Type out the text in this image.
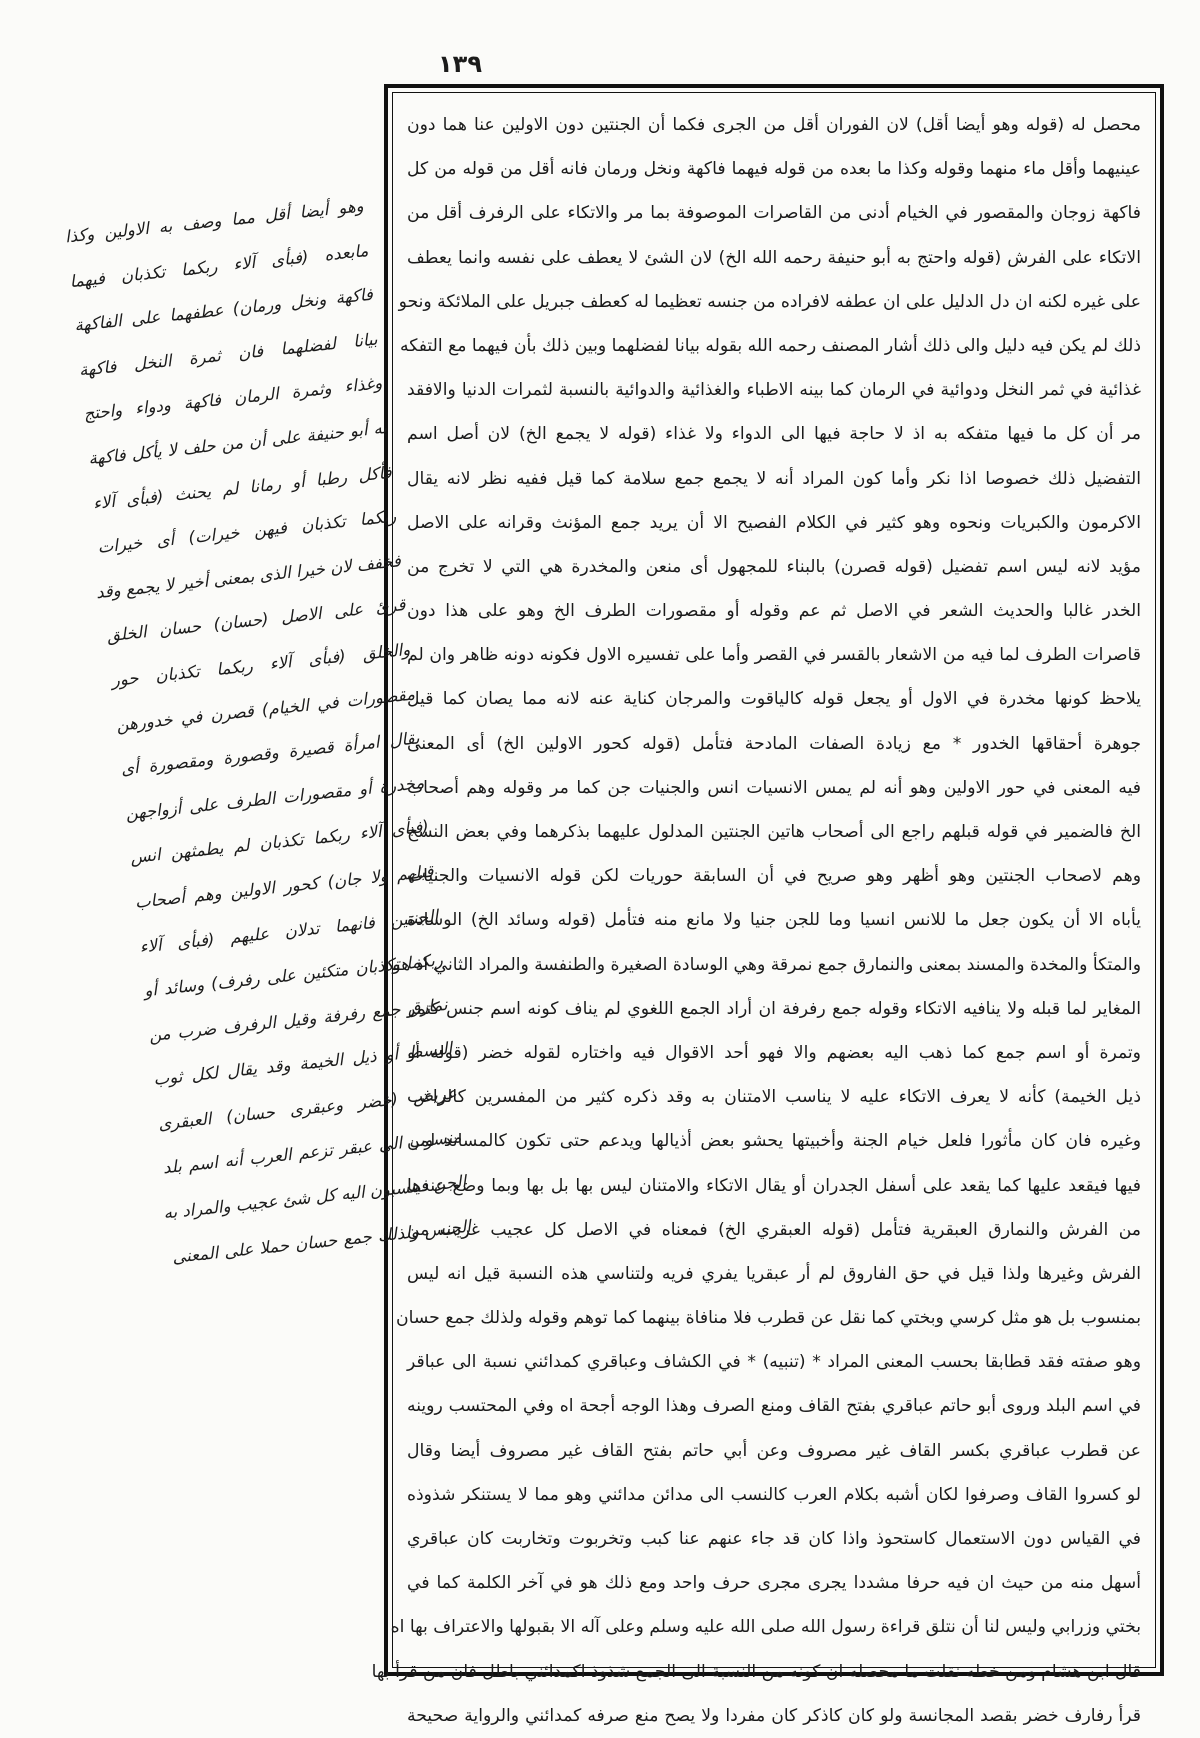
١٣٩
محصل له (قوله وهو أيضا أقل) لان الفوران أقل من الجرى فكما أن الجنتين دون الاولين عنا هما دون
عينيهما وأقل ماء منهما وقوله وكذا ما بعده من قوله فيهما فاكهة ونخل ورمان فانه أقل من قوله من كل
فاكهة زوجان والمقصور في الخيام أدنى من القاصرات الموصوفة بما مر والاتكاء على الرفرف أقل من
الاتكاء على الفرش (قوله واحتج به أبو حنيفة رحمه الله الخ) لان الشئ لا يعطف على نفسه وانما يعطف
على غيره لكنه ان دل الدليل على ان عطفه لافراده من جنسه تعظيما له كعطف جبريل على الملائكة ونحو
ذلك لم يكن فيه دليل والى ذلك أشار المصنف رحمه الله بقوله بيانا لفضلهما وبين ذلك بأن فيهما مع التفكه
غذائية في ثمر النخل ودوائية في الرمان كما بينه الاطباء والغذائية والدوائية بالنسبة لثمرات الدنيا والافقد
مر أن كل ما فيها متفكه به اذ لا حاجة فيها الى الدواء ولا غذاء (قوله لا يجمع الخ) لان أصل اسم
التفضيل ذلك خصوصا اذا نكر وأما كون المراد أنه لا يجمع جمع سلامة كما قيل ففيه نظر لانه يقال
الاكرمون والكبريات ونحوه وهو كثير في الكلام الفصيح الا أن يريد جمع المؤنث وقرانه على الاصل
مؤيد لانه ليس اسم تفضيل (قوله قصرن) بالبناء للمجهول أى منعن والمخدرة هي التي لا تخرج من
الخدر غالبا والحديث الشعر في الاصل ثم عم وقوله أو مقصورات الطرف الخ وهو على هذا دون
قاصرات الطرف لما فيه من الاشعار بالقسر في القصر وأما على تفسيره الاول فكونه دونه ظاهر وان لم
يلاحظ كونها مخدرة في الاول أو يجعل قوله كالياقوت والمرجان كناية عنه لانه مما يصان كما قيل
جوهرة أحقاقها الخدور * مع زيادة الصفات المادحة فتأمل (قوله كحور الاولين الخ) أى المعنى
فيه المعنى في حور الاولين وهو أنه لم يمس الانسيات انس والجنيات جن كما مر وقوله وهم أصحاب
الخ فالضمير في قوله قبلهم راجع الى أصحاب هاتين الجنتين المدلول عليهما بذكرهما وفي بعض النسخ
وهم لاصحاب الجنتين وهو أظهر وهو صريح في أن السابقة حوريات لكن قوله الانسيات والجنيات
يأباه الا أن يكون جعل ما للانس انسيا وما للجن جنيا ولا مانع منه فتأمل (قوله وسائد الخ) الوسادة
والمتكأ والمخدة والمسند بمعنى والنمارق جمع نمرقة وهي الوسادة الصغيرة والطنفسة والمراد الثاني اذ هو
المغاير لما قبله ولا ينافيه الاتكاء وقوله جمع رفرفة ان أراد الجمع اللغوي لم يناف كونه اسم جنس كتمر
وتمرة أو اسم جمع كما ذهب اليه بعضهم والا فهو أحد الاقوال فيه واختاره لقوله خضر (قوله أو
ذيل الخيمة) كأنه لا يعرف الاتكاء عليه لا يناسب الامتنان به وقد ذكره كثير من المفسرين كالراغب
وغيره فان كان مأثورا فلعل خيام الجنة وأخبيتها يحشو بعض أذيالها ويدعم حتى تكون كالمساند لمن
فيها فيقعد عليها كما يقعد على أسفل الجدران أو يقال الاتكاء والامتنان ليس بها بل بها وبما وضع عندها
من الفرش والنمارق العبقرية فتأمل (قوله العبقري الخ) فمعناه في الاصل كل عجيب غريب من
الفرش وغيرها ولذا قيل في حق الفاروق لم أر عبقريا يفري فريه ولتناسي هذه النسبة قيل انه ليس
بمنسوب بل هو مثل كرسي وبختي كما نقل عن قطرب فلا منافاة بينهما كما توهم وقوله ولذلك جمع حسان
وهو صفته فقد قطابقا بحسب المعنى المراد * (تنبيه) * في الكشاف وعباقري كمدائني نسبة الى عباقر
في اسم البلد وروى أبو حاتم عباقري بفتح القاف ومنع الصرف وهذا الوجه أجحة اه وفي المحتسب روينه
عن قطرب عباقري بكسر القاف غير مصروف وعن أبي حاتم بفتح القاف غير مصروف أيضا وقال
لو كسروا القاف وصرفوا لكان أشبه بكلام العرب كالنسب الى مدائن مدائني وهو مما لا يستنكر شذوذه
في القياس دون الاستعمال كاستحوذ واذا كان قد جاء عنهم عنا كبب وتخربوت وتخاربت كان عباقري
أسهل منه من حيث ان فيه حرفا مشددا يجرى مجرى حرف واحد ومع ذلك هو في آخر الكلمة كما في
بختي وزرابي وليس لنا أن نتلق قراءة رسول الله صلى الله عليه وسلم وعلى آله الا بقبولها والاعتراف بها اه
قال ابن هشام ومن خطه نقلت ما محصله ان كونه من النسبة الى الجمع شذوذ اكمدائني باطل فان من قرأ بها
قرأ رفارف خضر بقصد المجانسة ولو كان كاذكر كان مفردا ولا يصح منع صرفه كمدائني والرواية صحيحة
وهو أيضا أقل مما وصف به الاولين وكذا
مابعده (فبأى آلاء ربكما تكذبان فيهما
فاكهة ونخل ورمان) عطفهما على الفاكهة
بيانا لفضلهما فان ثمرة النخل فاكهة
وغذاء وثمرة الرمان فاكهة ودواء واحتج
به أبو حنيفة على أن من حلف لا يأكل فاكهة
فأكل رطبا أو رمانا لم يحنث (فبأى آلاء
ربكما تكذبان فيهن خيرات) أى خيرات
فخفف لان خيرا الذى بمعنى أخير لا يجمع وقد
قرئ على الاصل (حسان) حسان الخلق
والخلق (فبأى آلاء ربكما تكذبان حور
مقصورات في الخيام) قصرن في خدورهن
يقال امرأة قصيرة وقصورة ومقصورة أى
مخدرة أو مقصورات الطرف على أزواجهن
(فبأى آلاء ربكما تكذبان لم يطمثهن انس
قبلهم ولا جان) كحور الاولين وهم أصحاب
الجنتين فانهما تدلان عليهم (فبأى آلاء
ربكما تكذبان متكئين على رفرف) وسائد أو
نمارق جمع رفرفة وقيل الرفرف ضرب من
البسط أو ذيل الخيمة وقد يقال لكل ثوب
عريض (خضر وعبقرى حسان) العبقرى
منسوب الى عبقر تزعم العرب أنه اسم بلد
الجن فينسبون اليه كل شئ عجيب والمراد به
الجنس ولذلك جمع حسان حملا على المعنى
